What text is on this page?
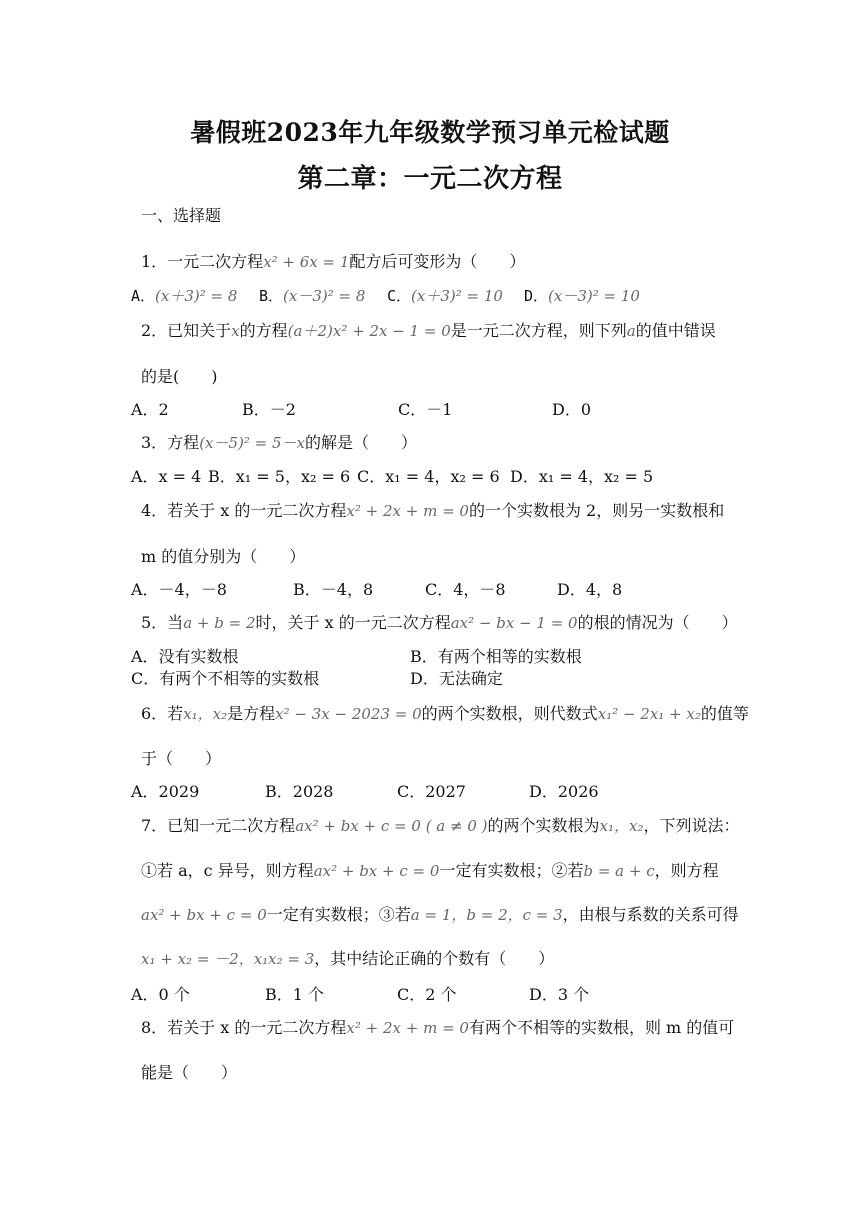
暑假班2023年九年级数学预习单元检试题
第二章：一元二次方程
一、选择题
1．一元二次方程x² + 6x = 1配方后可变形为（　　）
A．(x＋3)² = 8 B．(x－3)² = 8 C．(x＋3)² = 10 D．(x－3)² = 10
2．已知关于x的方程(a＋2)x² + 2x − 1 = 0是一元二次方程，则下列a的值中错误
的是(　　)
A．2	B．－2	C．－1	D．0
3．方程(x－5)² = 5－x的解是（　　）
A．x = 4 B．x₁ = 5，x₂ = 6 C．x₁ = 4，x₂ = 6 D．x₁ = 4，x₂ = 5
4．若关于 x 的一元二次方程x² + 2x + m = 0的一个实数根为 2，则另一实数根和
m 的值分别为（　　）
A．－4，－8	B．－4，8	C．4，－8	D．4，8
5．当a + b = 2时，关于 x 的一元二次方程ax² − bx − 1 = 0的根的情况为（　　）
A．没有实数根	B．有两个相等的实数根
C．有两个不相等的实数根	D．无法确定
6．若x₁，x₂是方程x² − 3x − 2023 = 0的两个实数根，则代数式x₁² − 2x₁ + x₂的值等
于（　　）
A．2029	B．2028	C．2027	D．2026
7．已知一元二次方程ax² + bx + c = 0 ( a ≠ 0 )的两个实数根为x₁，x₂，下列说法：
①若 a，c 异号，则方程ax² + bx + c = 0一定有实数根；②若b = a + c，则方程
ax² + bx + c = 0一定有实数根；③若a = 1，b = 2，c = 3，由根与系数的关系可得
x₁ + x₂ = －2，x₁x₂ = 3，其中结论正确的个数有（　　）
A．0 个	B．1 个	C．2 个	D．3 个
8．若关于 x 的一元二次方程x² + 2x + m = 0有两个不相等的实数根，则 m 的值可
能是（　　）
